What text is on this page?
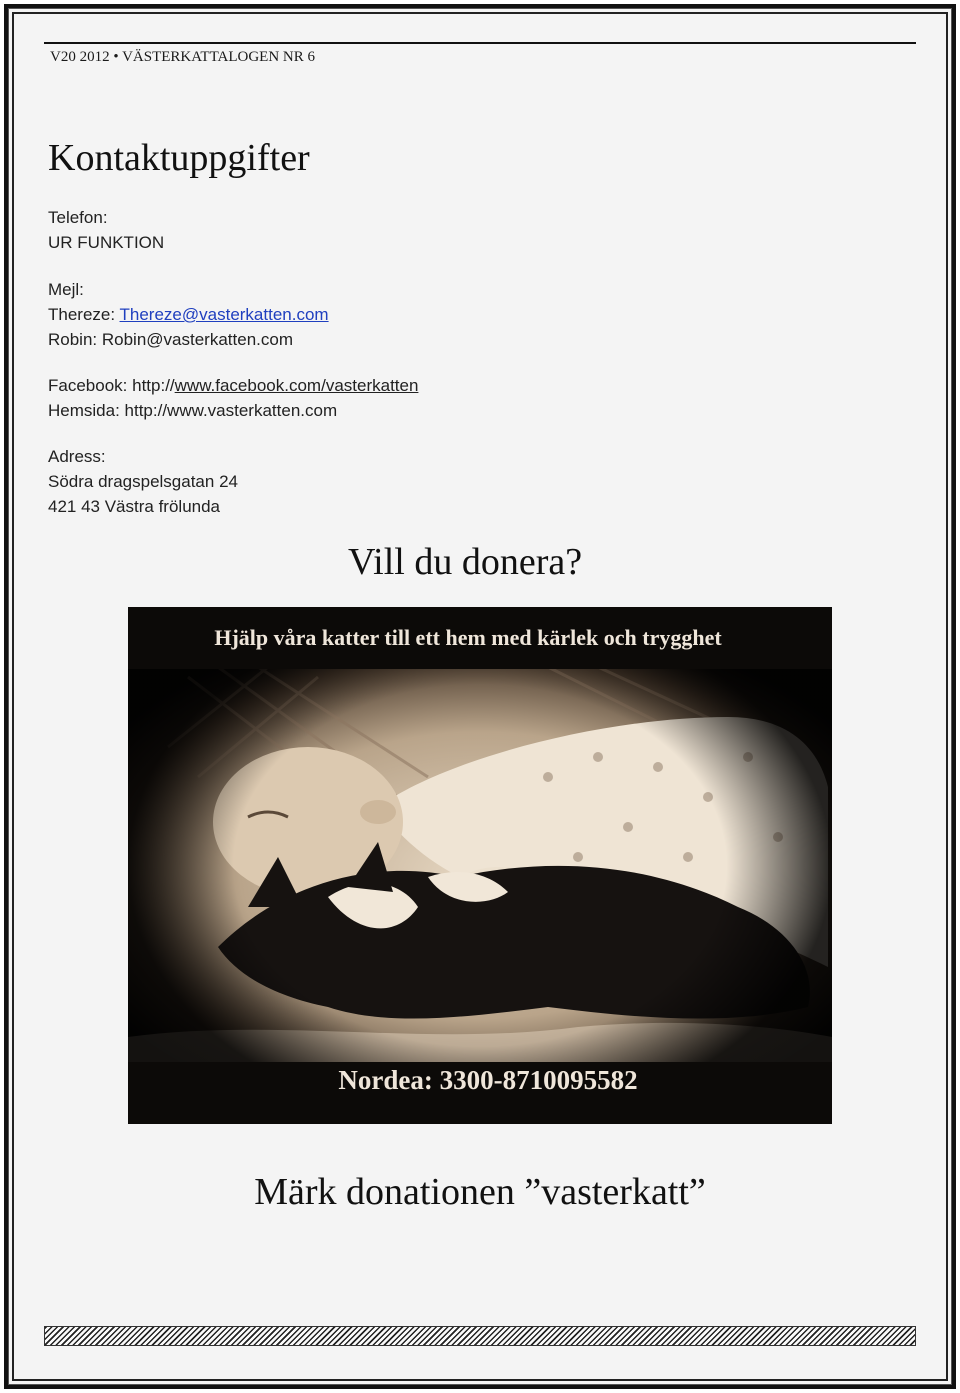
V20 2012 • VÄSTERKATTALOGEN NR 6
Kontaktuppgifter
Telefon:
UR FUNKTION
Mejl:
Thereze: Thereze@vasterkatten.com
Robin: Robin@vasterkatten.com
Facebook: http://www.facebook.com/vasterkatten
Hemsida: http://www.vasterkatten.com
Adress:
Södra dragspelsgatan 24
421 43 Västra frölunda
Vill du donera?
Hjälp våra katter till ett hem med kärlek och trygghet
Nordea: 3300-8710095582
Märk donationen ”vasterkatt”
